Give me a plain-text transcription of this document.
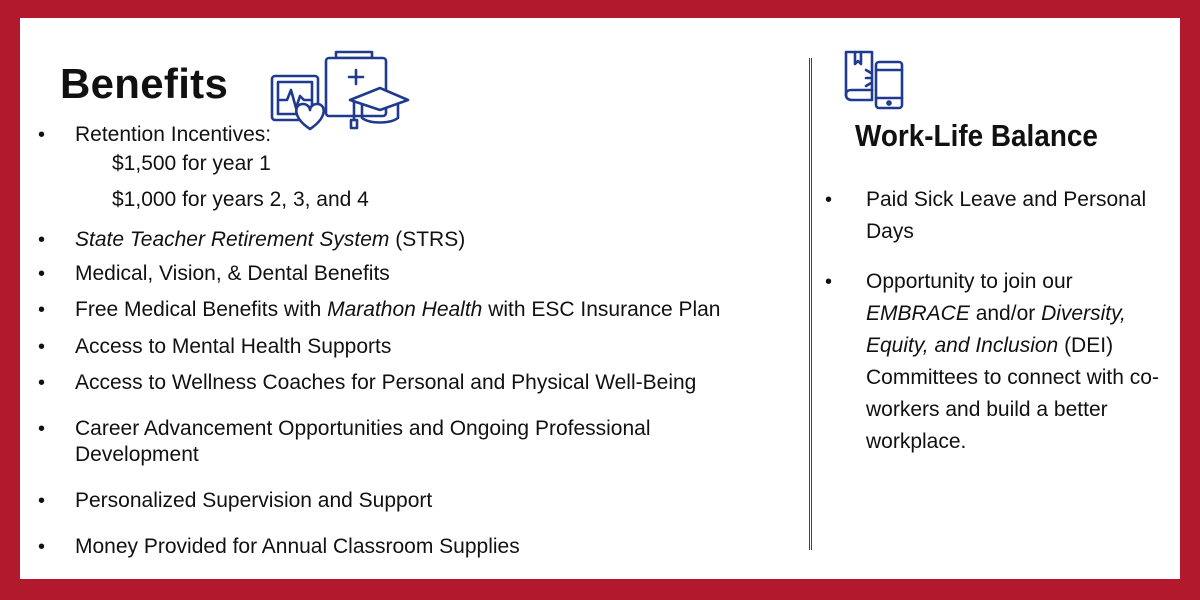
Benefits
• Retention Incentives:
$1,500 for year 1
$1,000 for years 2, 3, and 4
• State Teacher Retirement System (STRS)
• Medical, Vision, & Dental Benefits
• Free Medical Benefits with Marathon Health with ESC Insurance Plan
• Access to Mental Health Supports
• Access to Wellness Coaches for Personal and Physical Well-Being
• Career Advancement Opportunities and Ongoing Professional Development
• Personalized Supervision and Support
• Money Provided for Annual Classroom Supplies
Work-Life Balance
• Paid Sick Leave and Personal Days
• Opportunity to join our EMBRACE and/or Diversity, Equity, and Inclusion (DEI) Committees to connect with co-workers and build a better workplace.
